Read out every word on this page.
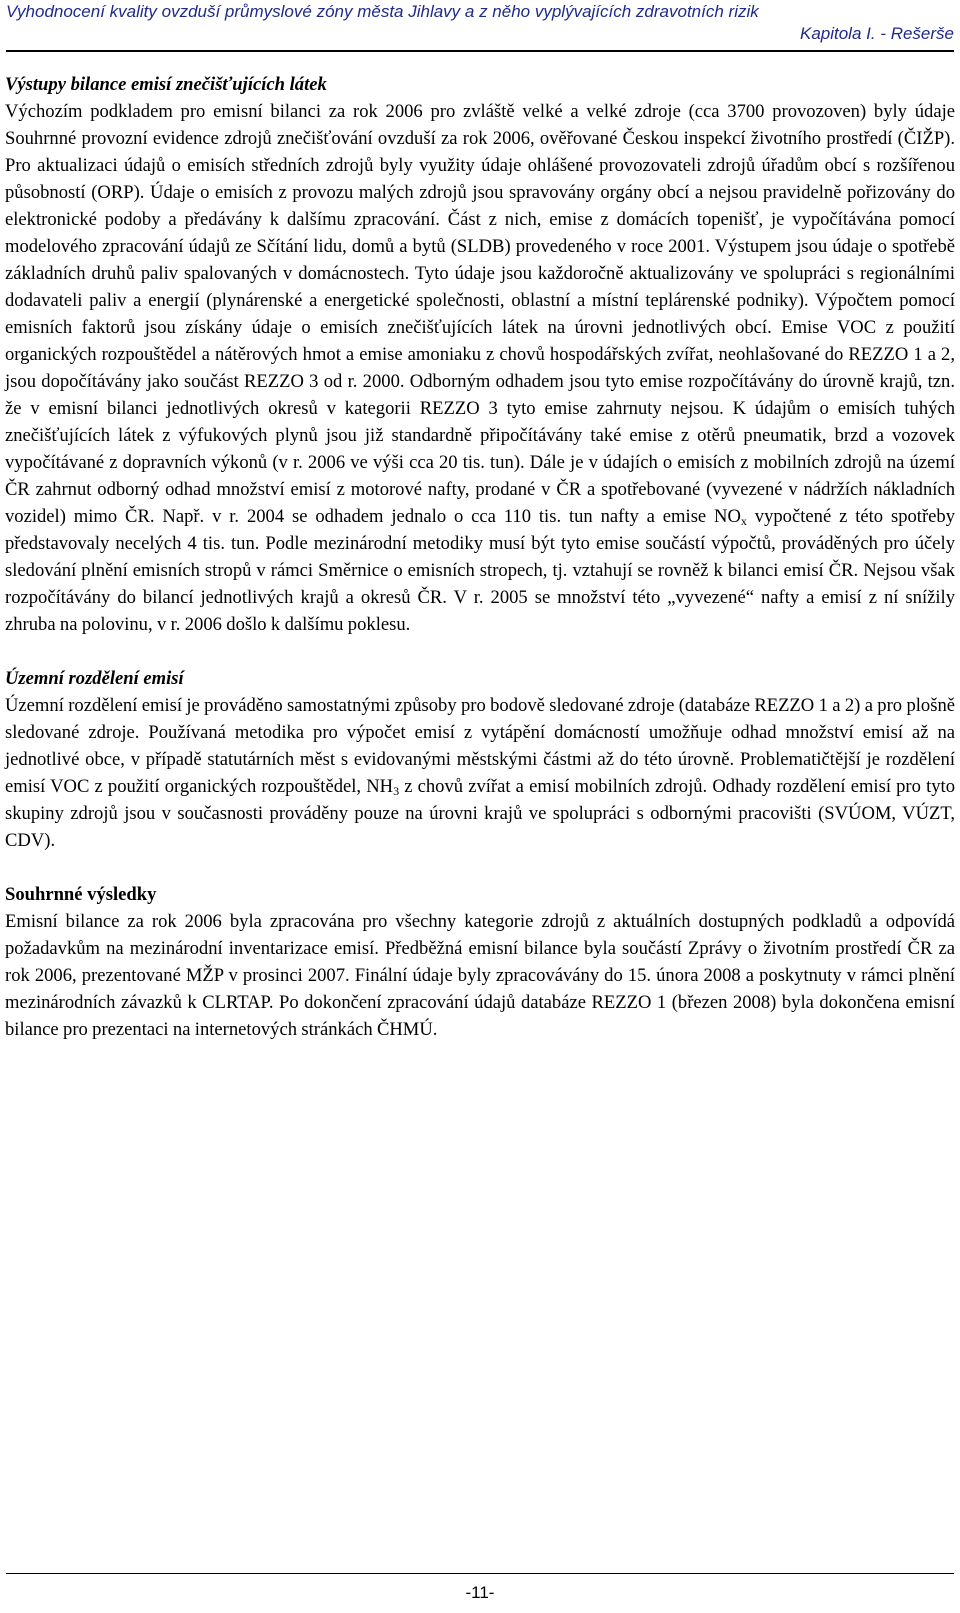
Vyhodnocení kvality ovzduší průmyslové zóny města Jihlavy a z něho vyplývajících zdravotních rizik
Kapitola I. - Rešerše
Výstupy bilance emisí znečišťujících látek

Výchozím podkladem pro emisní bilanci za rok 2006 pro zvláště velké a velké zdroje (cca 3700 provozoven) byly údaje Souhrnné provozní evidence zdrojů znečišťování ovzduší za rok 2006, ověřované Českou inspekcí životního prostředí (ČIŽP). Pro aktualizaci údajů o emisích středních zdrojů byly využity údaje ohlášené provozovateli zdrojů úřadům obcí s rozšířenou působností (ORP). Údaje o emisích z provozu malých zdrojů jsou spravovány orgány obcí a nejsou pravidelně pořizovány do elektronické podoby a předávány k dalšímu zpracování. Část z nich, emise z domácích topenišť, je vypočítávána pomocí modelového zpracování údajů ze Sčítání lidu, domů a bytů (SLDB) provedeného v roce 2001. Výstupem jsou údaje o spotřebě základních druhů paliv spalovaných v domácnostech. Tyto údaje jsou každoročně aktualizovány ve spolupráci s regionálními dodavateli paliv a energií (plynárenské a energetické společnosti, oblastní a místní teplárenské podniky). Výpočtem pomocí emisních faktorů jsou získány údaje o emisích znečišťujících látek na úrovni jednotlivých obcí. Emise VOC z použití organických rozpouštědel a nátěrových hmot a emise amoniaku z chovů hospodářských zvířat, neohlašované do REZZO 1 a 2, jsou dopočítávány jako součást REZZO 3 od r. 2000. Odborným odhadem jsou tyto emise rozpočítávány do úrovně krajů, tzn. že v emisní bilanci jednotlivých okresů v kategorii REZZO 3 tyto emise zahrnuty nejsou. K údajům o emisích tuhých znečišťujících látek z výfukových plynů jsou již standardně připočítávány také emise z otěrů pneumatik, brzd a vozovek vypočítávané z dopravních výkonů (v r. 2006 ve výši cca 20 tis. tun). Dále je v údajích o emisích z mobilních zdrojů na území ČR zahrnut odborný odhad množství emisí z motorové nafty, prodané v ČR a spotřebované (vyvezené v nádržích nákladních vozidel) mimo ČR. Např. v r. 2004 se odhadem jednalo o cca 110 tis. tun nafty a emise $NO_x$ vypočtené z této spotřeby představovaly necelých 4 tis. tun. Podle mezinárodní metodiky musí být tyto emise součástí výpočtů, prováděných pro účely sledování plnění emisních stropů v rámci Směrnice o emisních stropech, tj. vztahují se rovněž k bilanci emisí ČR. Nejsou však rozpočítávány do bilancí jednotlivých krajů a okresů ČR. V r. 2005 se množství této „vyvezené“ nafty a emisí z ní snížily zhruba na polovinu, v r. 2006 došlo k dalšímu poklesu.

Územní rozdělení emisí

Územní rozdělení emisí je prováděno samostatnými způsoby pro bodově sledované zdroje (databáze REZZO 1 a 2) a pro plošně sledované zdroje. Používaná metodika pro výpočet emisí z vytápění domácností umožňuje odhad množství emisí až na jednotlivé obce, v případě statutárních měst s evidovanými městskými částmi až do této úrovně. Problematičtější je rozdělení emisí VOC z použití organických rozpouštědel, $NH_3$ z chovů zvířat a emisí mobilních zdrojů. Odhady rozdělení emisí pro tyto skupiny zdrojů jsou v současnosti prováděny pouze na úrovni krajů ve spolupráci s odbornými pracovišti (SVÚOM, VÚZT, CDV).

Souhrnné výsledky

Emisní bilance za rok 2006 byla zpracována pro všechny kategorie zdrojů z aktuálních dostupných podkladů a odpovídá požadavkům na mezinárodní inventarizace emisí. Předběžná emisní bilance byla součástí Zprávy o životním prostředí ČR za rok 2006, prezentované MŽP v prosinci 2007. Finální údaje byly zpracovávány do 15. února 2008 a poskytnuty v rámci plnění mezinárodních závazků k CLRTAP. Po dokončení zpracování údajů databáze REZZO 1 (březen 2008) byla dokončena emisní bilance pro prezentaci na internetových stránkách ČHMÚ.

-11-
